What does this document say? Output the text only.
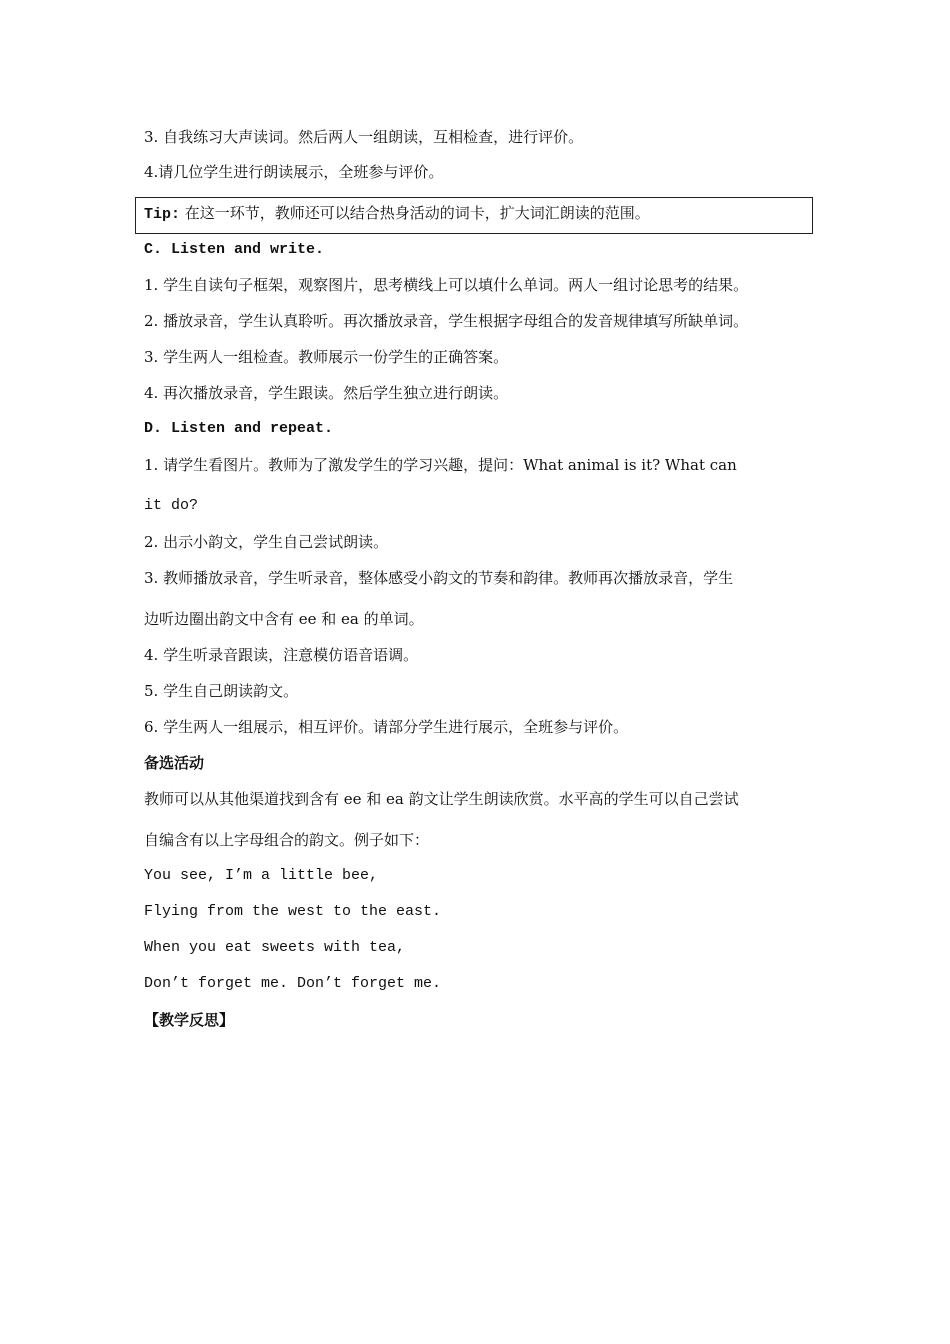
3. 自我练习大声读词。然后两人一组朗读，互相检查，进行评价。
4.请几位学生进行朗读展示，全班参与评价。
Tip: 在这一环节，教师还可以结合热身活动的词卡，扩大词汇朗读的范围。
C. Listen and write.
1. 学生自读句子框架，观察图片，思考横线上可以填什么单词。两人一组讨论思考的结果。
2. 播放录音，学生认真聆听。再次播放录音，学生根据字母组合的发音规律填写所缺单词。
3. 学生两人一组检查。教师展示一份学生的正确答案。
4. 再次播放录音，学生跟读。然后学生独立进行朗读。
D. Listen and repeat.
1. 请学生看图片。教师为了激发学生的学习兴趣，提问：What animal is it? What can
it do?
2. 出示小韵文，学生自己尝试朗读。
3. 教师播放录音，学生听录音，整体感受小韵文的节奏和韵律。教师再次播放录音，学生
边听边圈出韵文中含有 ee 和 ea 的单词。
4. 学生听录音跟读，注意模仿语音语调。
5. 学生自己朗读韵文。
6. 学生两人一组展示，相互评价。请部分学生进行展示，全班参与评价。
备选活动
教师可以从其他渠道找到含有 ee 和 ea 韵文让学生朗读欣赏。水平高的学生可以自己尝试
自编含有以上字母组合的韵文。例子如下：
You see, I’m a little bee,
Flying from the west to the east.
When you eat sweets with tea,
Don’t forget me. Don’t forget me.
【教学反思】
